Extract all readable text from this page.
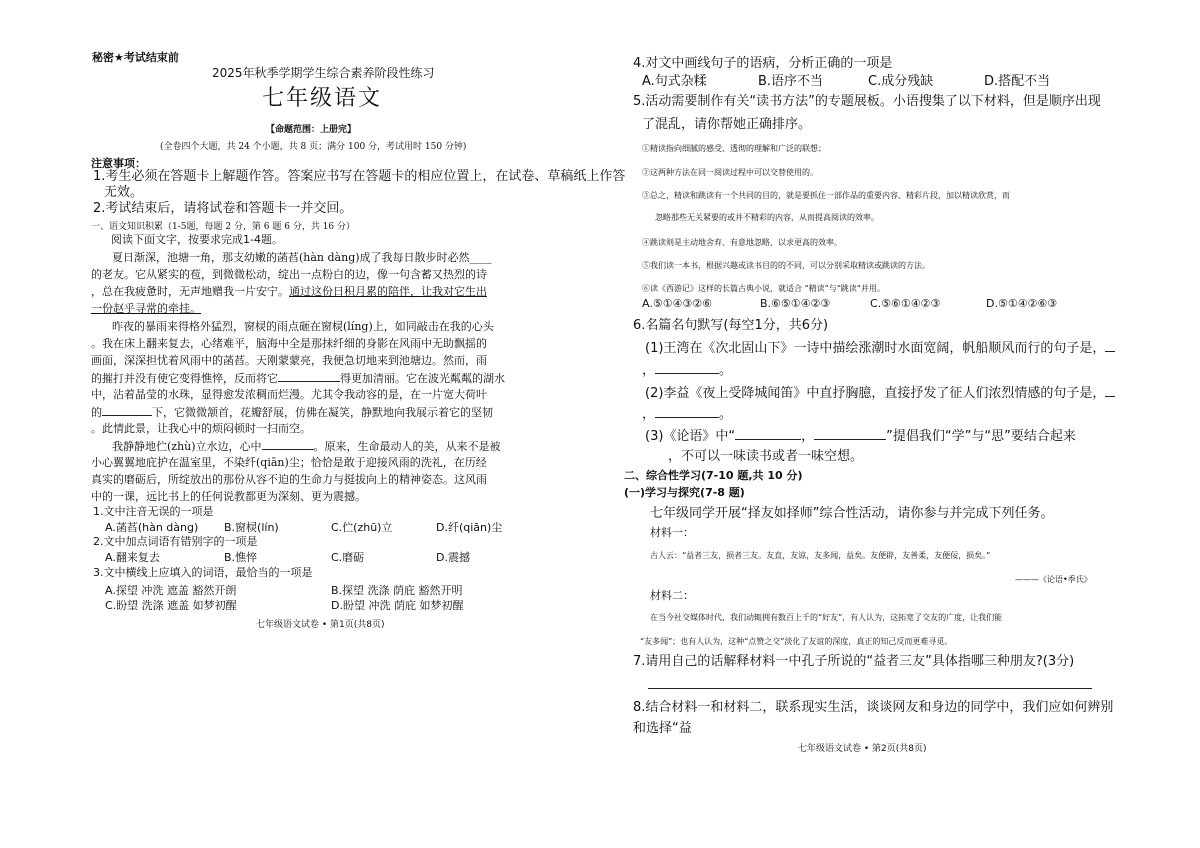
秘密★考试结束前
2025年秋季学期学生综合素养阶段性练习
七年级语文
【命题范围：上册完】
(全卷四个大题，共 24 个小题，共 8 页；满分 100 分，考试用时 150 分钟)
注意事项：
1.考生必须在答题卡上解题作答。答案应书写在答题卡的相应位置上，在试卷、草稿纸上作答
无效。
2.考试结束后，请将试卷和答题卡一并交回。
一、语文知识积累（1-5题，每题 2 分，第 6 题 6 分，共 16 分）
阅读下面文字，按要求完成1-4题。
夏日渐深，池塘一角，那支幼嫩的菡萏(hàn dàng)成了我每日散步时必然____
的老友。它从紧实的苞，到微微松动，绽出一点粉白的边，像一句含蓄又热烈的诗
，总在我疲惫时，无声地赠我一片安宁。通过这份日积月累的陪伴，让我对它生出
一份赵乎寻常的牵挂。
昨夜的暴雨来得格外猛烈，窗棂的雨点砸在窗棂(líng)上，如同敲击在我的心头
。我在床上翻来复去，心绪难平，脑海中全是那抹纤细的身影在风雨中无助飘摇的
画面，深深担忧着风雨中的菡萏。天刚蒙蒙亮，我便急切地来到池塘边。然而，雨
的摧打并没有使它变得憔悴，反而将它	得更加清丽。它在波光粼粼的湖水
中，沾着晶莹的水珠，显得愈发浓稠而烂漫。尤其令我动容的是，在一片宽大荷叶
的	下，它微微颔首，花瓣舒展，仿佛在凝笑，静默地向我展示着它的坚韧
。此情此景，让我心中的烦闷顿时一扫而空。
我静静地伫(zhù)立水边，心中	。原来，生命最动人的美，从来不是被
小心翼翼地庇护在温室里，不染纤(qiān)尘；恰恰是敢于迎接风雨的洗礼，在历经
真实的磨砺后，所绽放出的那份从容不迫的生命力与挺拔向上的精神姿态。这风雨
中的一课，远比书上的任何说教都更为深刻、更为震撼。
1.文中注音无误的一项是
A.菡萏(hàn dàng) B.窗棂(lín)	C.伫(zhū)立	D.纤(qiān)尘
2.文中加点词语有错别字的一项是
A.翻来复去	B.憔悴	C.磨砺	D.震撼
3.文中横线上应填入的词语，最恰当的一项是
A.探望 冲洗 遮盖 豁然开朗	B.探望 洗涤 荫庇 豁然开明
C.盼望 洗涤 遮盖 如梦初醒	D.盼望 冲洗 荫庇 如梦初醒
七年级语文试卷 • 第1页(共8页)
4.对文中画线句子的语病，分析正确的一项是
A.句式杂糅	B.语序不当	C.成分残缺	D.搭配不当
5.活动需要制作有关“读书方法”的专题展板。小语搜集了以下材料，但是顺序出现
了混乱，请你帮她正确排序。
①精读指向细腻的感受、透彻的理解和广泛的联想；
②这两种方法在同一阅读过程中可以交替使用的。
③总之，精读和跳读有一个共同的目的，就是要抓住一部作品的重要内容、精彩片段，加以精读欣赏，而
忽略那些无关紧要的或并不精彩的内容，从而提高阅读的效率。
④跳读则是主动地舍弃、有意地忽略，以求更高的效率。
⑤我们读一本书，根据兴趣或读书目的的不同，可以分别采取精读或跳读的方法。
⑥读《西游记》这样的长篇古典小说，就适合 “精读”与“跳读”并用。
A.⑤①④③②⑥	B.⑥⑤①④②③	C.⑤⑥①④②③	D.⑤①④②⑥③
6.名篇名句默写(每空1分，共6分)
(1)王湾在《次北固山下》一诗中描绘涨潮时水面宽阔，帆船顺风而行的句子是，
，	。
(2)李益《夜上受降城闻笛》中直抒胸臆，直接抒发了征人们浓烈情感的句子是，
，	。
(3)《论语》中“	，	”提倡我们“学”与“思”要结合起来
，不可以一味读书或者一味空想。
二、综合性学习(7-10 题,共 10 分)
(一)学习与探究(7-8 题)
七年级同学开展“择友如择师”综合性活动，请你参与并完成下列任务。
材料一：
古人云：“益者三友，损者三友。友直，友谅，友多闻，益矣。友便辟，友善柔，友便佞，损矣。”
———《论语•季氏》
材料二：
在当今社交媒体时代，我们动辄拥有数百上千的“好友”，有人认为，这拓宽了交友的广度，让我们能
“友多闻”；也有人认为，这种“点赞之交”淡化了友谊的深度，真正的知己反而更难寻觅。
7.请用自己的话解释材料一中孔子所说的“益者三友”具体指哪三种朋友?(3分)
8.结合材料一和材料二，联系现实生活，谈谈网友和身边的同学中，我们应如何辨别
和选择“益
七年级语文试卷 • 第2页(共8页)
